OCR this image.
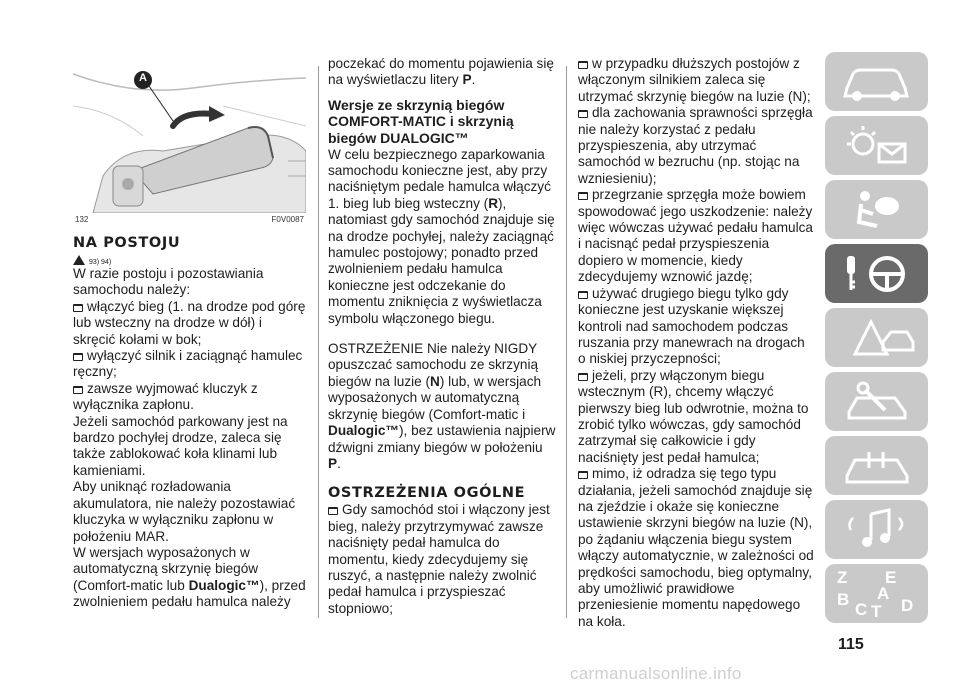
A
132	F0V0087
NA POSTOJU
93) 94)

W razie postoju i pozostawiania samochodu należy:

włączyć bieg (1. na drodze pod górę lub wsteczny na drodze w dół) i skręcić kołami w bok;

wyłączyć silnik i zaciągnąć hamulec ręczny;

zawsze wyjmować kluczyk z wyłącznika zapłonu.

Jeżeli samochód parkowany jest na bardzo pochyłej drodze, zaleca się także zablokować koła klinami lub kamieniami.

Aby uniknąć rozładowania akumulatora, nie należy pozostawiać kluczyka w wyłączniku zapłonu w położeniu MAR.

W wersjach wyposażonych w automatyczną skrzynię biegów (Comfort-matic lub Dualogic™), przed zwolnieniem pedału hamulca należy

poczekać do momentu pojawienia się na wyświetlaczu litery P.

Wersje ze skrzynią biegów COMFORT-MATIC i skrzynią biegów DUALOGIC™

W celu bezpiecznego zaparkowania samochodu konieczne jest, aby przy naciśniętym pedale hamulca włączyć 1. bieg lub bieg wsteczny (R), natomiast gdy samochód znajduje się na drodze pochyłej, należy zaciągnąć hamulec postojowy; ponadto przed zwolnieniem pedału hamulca konieczne jest odczekanie do momentu zniknięcia z wyświetlacza symbolu włączonego biegu.

OSTRZEŻENIE Nie należy NIGDY opuszczać samochodu ze skrzynią biegów na luzie (N) lub, w wersjach wyposażonych w automatyczną skrzynię biegów (Comfort-matic i Dualogic™), bez ustawienia najpierw dźwigni zmiany biegów w położeniu P.

OSTRZEŻENIA OGÓLNE

Gdy samochód stoi i włączony jest bieg, należy przytrzymywać zawsze naciśnięty pedał hamulca do momentu, kiedy zdecydujemy się ruszyć, a następnie należy zwolnić pedał hamulca i przyspieszać stopniowo;

w przypadku dłuższych postojów z włączonym silnikiem zaleca się utrzymać skrzynię biegów na luzie (N);

dla zachowania sprawności sprzęgła nie należy korzystać z pedału przyspieszenia, aby utrzymać samochód w bezruchu (np. stojąc na wzniesieniu);

przegrzanie sprzęgła może bowiem spowodować jego uszkodzenie: należy więc wówczas używać pedału hamulca i nacisnąć pedał przyspieszenia dopiero w momencie, kiedy zdecydujemy wznowić jazdę;

używać drugiego biegu tylko gdy konieczne jest uzyskanie większej kontroli nad samochodem podczas ruszania przy manewrach na drogach o niskiej przyczepności;

jeżeli, przy włączonym biegu wstecznym (R), chcemy włączyć pierwszy bieg lub odwrotnie, można to zrobić tylko wówczas, gdy samochód zatrzymał się całkowicie i gdy naciśnięty jest pedał hamulca;

mimo, iż odradza się tego typu działania, jeżeli samochód znajduje się na zjeździe i okaże się konieczne ustawienie skrzyni biegów na luzie (N), po żądaniu włączenia biegu system włączy automatycznie, w zależności od prędkości samochodu, bieg optymalny, aby umożliwić prawidłowe przeniesienie momentu napędowego na koła.

Z E
B A
D
C T
115
carmanualsonline.info
